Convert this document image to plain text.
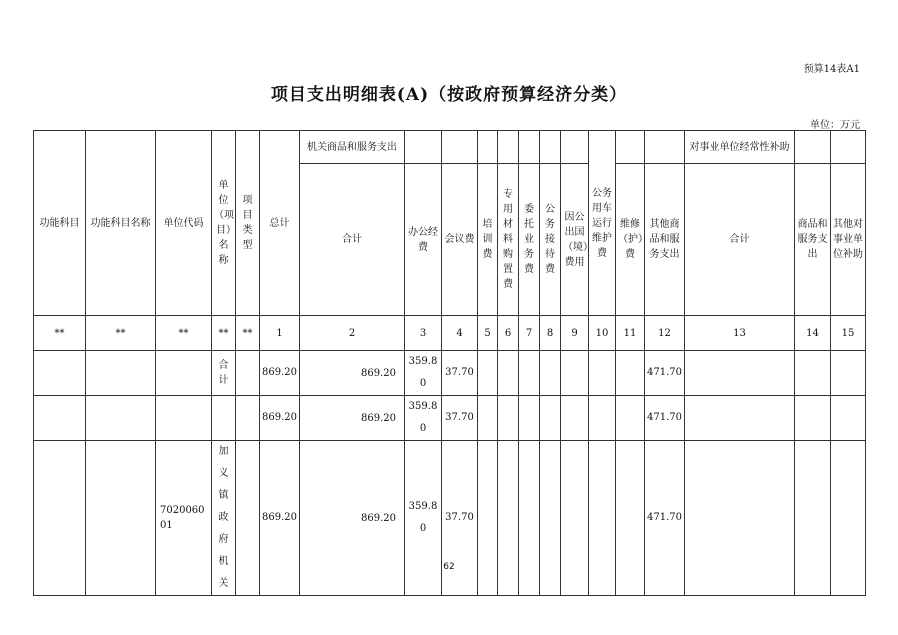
预算14表A1
项目支出明细表(A)（按政府预算经济分类）
单位：万元
功能科目	功能科目名称	单位代码	单位（项目）名称	项目类型	总计	机关商品和服务支出								公务用车运行维护费			对事业单位经常性补助		
						合计	办公经费	会议费	培训费	专用材料购置费	委托业务费	公务接待费	因公出国（境）费用		维修（护）费	其他商品和服务支出	合计	商品和服务支出	其他对事业单位补助
**	**	**	**	**	1	2	3	4	5	6	7	8	9	10	11	12	13	14	15
			合计		869.20	869.20	359.80	37.70								471.70			
					869.20	869.20	359.80	37.70								471.70			
		702006001	加义镇政府机关		869.20	869.20	359.80	37.70								471.70			
62
